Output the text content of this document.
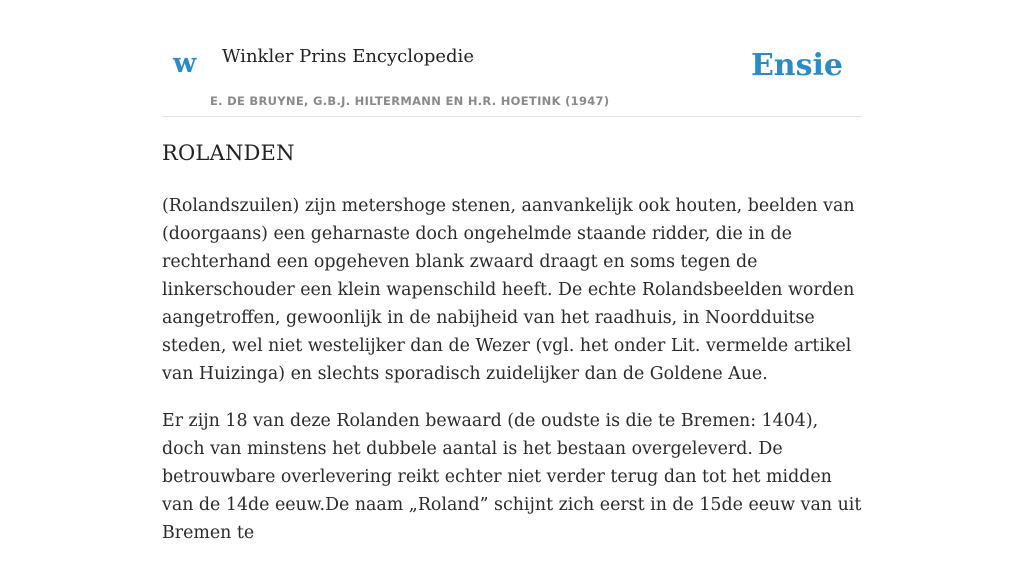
w Winkler Prins Encyclopedie
E. DE BRUYNE, G.B.J. HILTERMANN EN H.R. HOETINK (1947)
Ensie
ROLANDEN

(Rolandszuilen) zijn metershoge stenen, aanvankelijk ook houten, beelden van (doorgaans) een geharnaste doch ongehelmde staande ridder, die in de rechterhand een opgeheven blank zwaard draagt en soms tegen de linkerschouder een klein wapenschild heeft. De echte Rolandsbeelden worden aangetroffen, gewoonlijk in de nabijheid van het raadhuis, in Noordduitse steden, wel niet westelijker dan de Wezer (vgl. het onder Lit. vermelde artikel van Huizinga) en slechts sporadisch zuidelijker dan de Goldene Aue.

Er zijn 18 van deze Rolanden bewaard (de oudste is die te Bremen: 1404), doch van minstens het dubbele aantal is het bestaan overgeleverd. De betrouwbare overlevering reikt echter niet verder terug dan tot het midden van de 14de eeuw.De naam „Roland” schijnt zich eerst in de 15de eeuw van uit Bremen te
